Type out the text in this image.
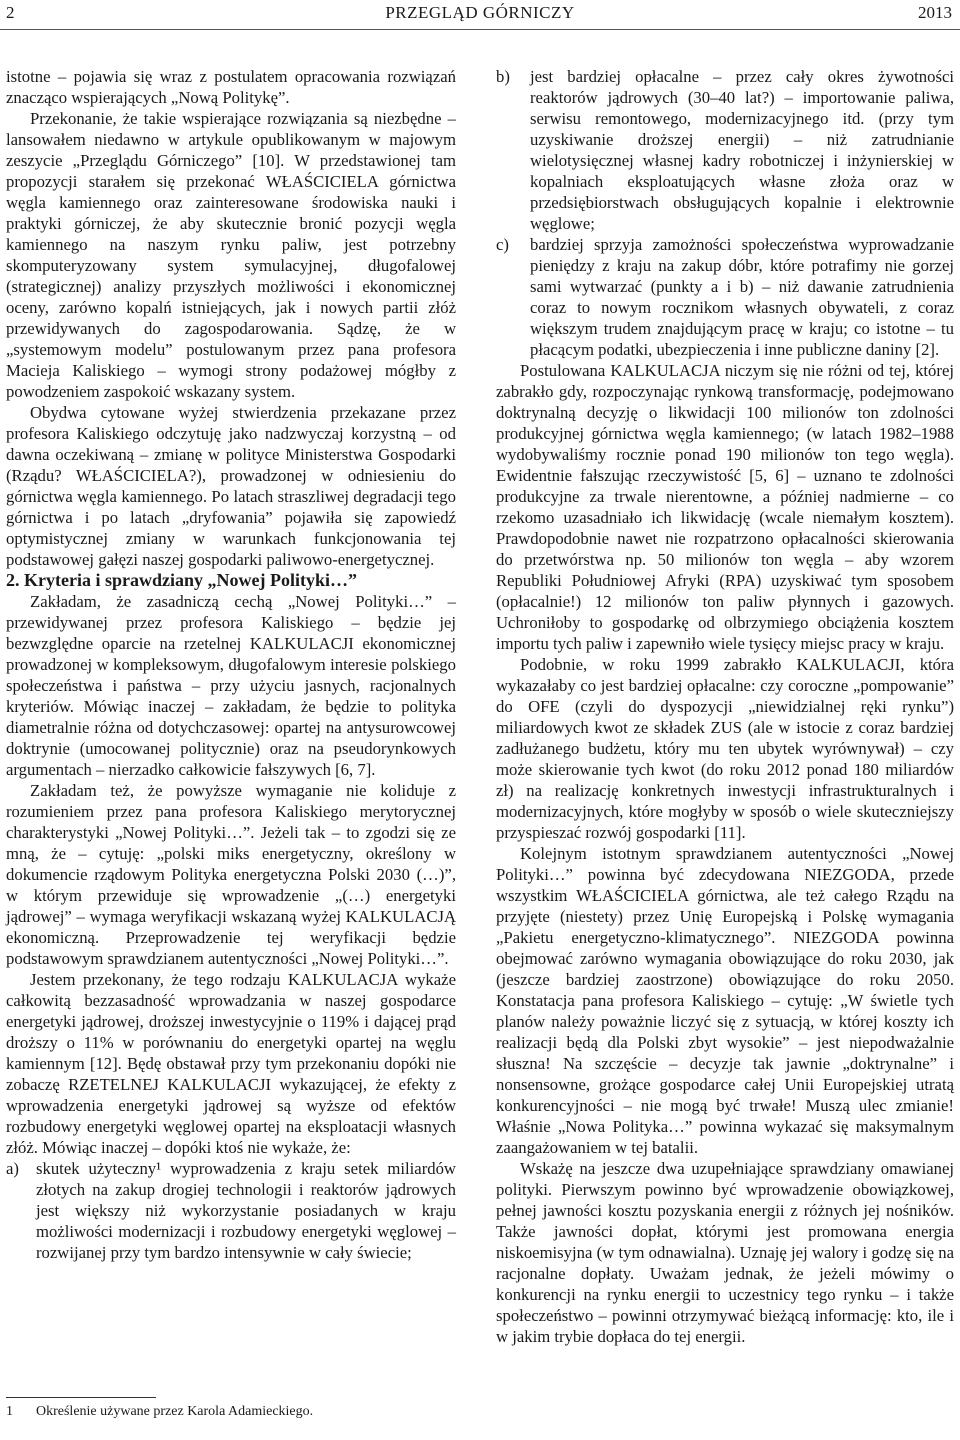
2	PRZEGLĄD GÓRNICZY	2013

istotne – pojawia się wraz z postulatem opracowania rozwiązań znacząco wspierających „Nową Politykę”.

Przekonanie, że takie wspierające rozwiązania są niezbędne – lansowałem niedawno w artykule opublikowanym w majowym zeszycie „Przeglądu Górniczego” [10]. W przedstawionej tam propozycji starałem się przekonać WŁAŚCICIELA górnictwa węgla kamiennego oraz zainteresowane środowiska nauki i praktyki górniczej, że aby skutecznie bronić pozycji węgla kamiennego na naszym rynku paliw, jest potrzebny skomputeryzowany system symulacyjnej, długofalowej (strategicznej) analizy przyszłych możliwości i ekonomicznej oceny, zarówno kopalń istniejących, jak i nowych partii złóż przewidywanych do zagospodarowania. Sądzę, że w „systemowym modelu” postulowanym przez pana profesora Macieja Kaliskiego – wymogi strony podażowej mógłby z powodzeniem zaspokoić wskazany system.

Obydwa cytowane wyżej stwierdzenia przekazane przez profesora Kaliskiego odczytuję jako nadzwyczaj korzystną – od dawna oczekiwaną – zmianę w polityce Ministerstwa Gospodarki (Rządu? WŁAŚCICIELA?), prowadzonej w odniesieniu do górnictwa węgla kamiennego. Po latach straszliwej degradacji tego górnictwa i po latach „dryfowania” pojawiła się zapowiedź optymistycznej zmiany w warunkach funkcjonowania tej podstawowej gałęzi naszej gospodarki paliwowo-energetycznej.

2. Kryteria i sprawdziany „Nowej Polityki…”

Zakładam, że zasadniczą cechą „Nowej Polityki…” – przewidywanej przez profesora Kaliskiego – będzie jej bezwzględne oparcie na rzetelnej KALKULACJI ekonomicznej prowadzonej w kompleksowym, długofalowym interesie polskiego społeczeństwa i państwa – przy użyciu jasnych, racjonalnych kryteriów. Mówiąc inaczej – zakładam, że będzie to polityka diametralnie różna od dotychczasowej: opartej na antysurowcowej doktrynie (umocowanej politycznie) oraz na pseudorynkowych argumentach – nierzadko całkowicie fałszywych [6, 7].

Zakładam też, że powyższe wymaganie nie koliduje z rozumieniem przez pana profesora Kaliskiego merytorycznej charakterystyki „Nowej Polityki…”. Jeżeli tak – to zgodzi się ze mną, że – cytuję: „polski miks energetyczny, określony w dokumencie rządowym Polityka energetyczna Polski 2030 (…)”, w którym przewiduje się wprowadzenie „(…) energetyki jądrowej” – wymaga weryfikacji wskazaną wyżej KALKULACJĄ ekonomiczną. Przeprowadzenie tej weryfikacji będzie podstawowym sprawdzianem autentyczności „Nowej Polityki…”.

Jestem przekonany, że tego rodzaju KALKULACJA wykaże całkowitą bezzasadność wprowadzania w naszej gospodarce energetyki jądrowej, droższej inwestycyjnie o 119% i dającej prąd droższy o 11% w porównaniu do energetyki opartej na węglu kamiennym [12]. Będę obstawał przy tym przekonaniu dopóki nie zobaczę RZETELNEJ KALKULACJI wykazującej, że efekty z wprowadzenia energetyki jądrowej są wyższe od efektów rozbudowy energetyki węglowej opartej na eksploatacji własnych złóż. Mówiąc inaczej – dopóki ktoś nie wykaże, że:

a) skutek użyteczny¹ wyprowadzenia z kraju setek miliardów złotych na zakup drogiej technologii i reaktorów jądrowych jest większy niż wykorzystanie posiadanych w kraju możliwości modernizacji i rozbudowy energetyki węglowej – rozwijanej przy tym bardzo intensywnie w cały świecie;

b) jest bardziej opłacalne – przez cały okres żywotności reaktorów jądrowych (30–40 lat?) – importowanie paliwa, serwisu remontowego, modernizacyjnego itd. (przy tym uzyskiwanie droższej energii) – niż zatrudnianie wielotysięcznej własnej kadry robotniczej i inżynierskiej w kopalniach eksploatujących własne złoża oraz w przedsiębiorstwach obsługujących kopalnie i elektrownie węglowe;

c) bardziej sprzyja zamożności społeczeństwa wyprowadzanie pieniędzy z kraju na zakup dóbr, które potrafimy nie gorzej sami wytwarzać (punkty a i b) – niż dawanie zatrudnienia coraz to nowym rocznikom własnych obywateli, z coraz większym trudem znajdującym pracę w kraju; co istotne – tu płacącym podatki, ubezpieczenia i inne publiczne daniny [2].

Postulowana KALKULACJA niczym się nie różni od tej, której zabrakło gdy, rozpoczynając rynkową transformację, podejmowano doktrynalną decyzję o likwidacji 100 milionów ton zdolności produkcyjnej górnictwa węgla kamiennego; (w latach 1982–1988 wydobywaliśmy rocznie ponad 190 milionów ton tego węgla). Ewidentnie fałszując rzeczywistość [5, 6] – uznano te zdolności produkcyjne za trwale nierentowne, a później nadmierne – co rzekomo uzasadniało ich likwidację (wcale niemałym kosztem). Prawdopodobnie nawet nie rozpatrzono opłacalności skierowania do przetwórstwa np. 50 milionów ton węgla – aby wzorem Republiki Południowej Afryki (RPA) uzyskiwać tym sposobem (opłacalnie!) 12 milionów ton paliw płynnych i gazowych. Uchroniłoby to gospodarkę od olbrzymiego obciążenia kosztem importu tych paliw i zapewniło wiele tysięcy miejsc pracy w kraju.

Podobnie, w roku 1999 zabrakło KALKULACJI, która wykazałaby co jest bardziej opłacalne: czy coroczne „pompowanie” do OFE (czyli do dyspozycji „niewidzialnej ręki rynku”) miliardowych kwot ze składek ZUS (ale w istocie z coraz bardziej zadłużanego budżetu, który mu ten ubytek wyrównywał) – czy może skierowanie tych kwot (do roku 2012 ponad 180 miliardów zł) na realizację konkretnych inwestycji infrastrukturalnych i modernizacyjnych, które mogłyby w sposób o wiele skuteczniejszy przyspieszać rozwój gospodarki [11].

Kolejnym istotnym sprawdzianem autentyczności „Nowej Polityki…” powinna być zdecydowana NIEZGODA, przede wszystkim WŁAŚCICIELA górnictwa, ale też całego Rządu na przyjęte (niestety) przez Unię Europejską i Polskę wymagania „Pakietu energetyczno-klimatycznego”. NIEZGODA powinna obejmować zarówno wymagania obowiązujące do roku 2030, jak (jeszcze bardziej zaostrzone) obowiązujące do roku 2050. Konstatacja pana profesora Kaliskiego – cytuję: „W świetle tych planów należy poważnie liczyć się z sytuacją, w której koszty ich realizacji będą dla Polski zbyt wysokie” – jest niepodważalnie słuszna! Na szczęście – decyzje tak jawnie „doktrynalne” i nonsensowne, grożące gospodarce całej Unii Europejskiej utratą konkurencyjności – nie mogą być trwałe! Muszą ulec zmianie! Właśnie „Nowa Polityka…” powinna wykazać się maksymalnym zaangażowaniem w tej batalii.

Wskażę na jeszcze dwa uzupełniające sprawdziany omawianej polityki. Pierwszym powinno być wprowadzenie obowiązkowej, pełnej jawności kosztu pozyskania energii z różnych jej nośników. Także jawności dopłat, którymi jest promowana energia niskoemisyjna (w tym odnawialna). Uznaję jej walory i godzę się na racjonalne dopłaty. Uważam jednak, że jeżeli mówimy o konkurencji na rynku energii to uczestnicy tego rynku – i także społeczeństwo – powinni otrzymywać bieżącą informację: kto, ile i w jakim trybie dopłaca do tej energii.

1 Określenie używane przez Karola Adamieckiego.
